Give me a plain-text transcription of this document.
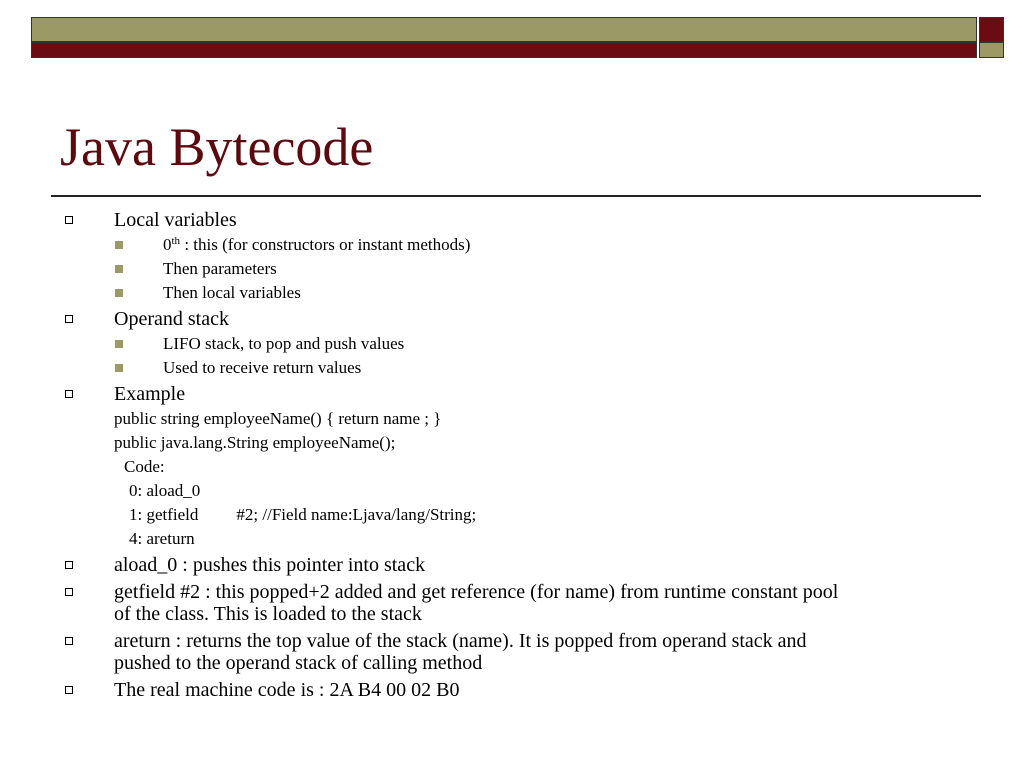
Java Bytecode
Local variables
0th : this (for constructors or instant methods)
Then parameters
Then local variables
Operand stack
LIFO stack, to pop and push values
Used to receive return values
Example
public string employeeName() { return name ; }
public java.lang.String employeeName();
Code:
0: aload_0
1: getfield #2; //Field name:Ljava/lang/String;
4: areturn
aload_0 : pushes this pointer into stack
getfield #2 : this popped+2 added and get reference (for name) from runtime constant pool
of the class. This is loaded to the stack
areturn : returns the top value of the stack (name). It is popped from operand stack and
pushed to the operand stack of calling method
The real machine code is : 2A B4 00 02 B0
